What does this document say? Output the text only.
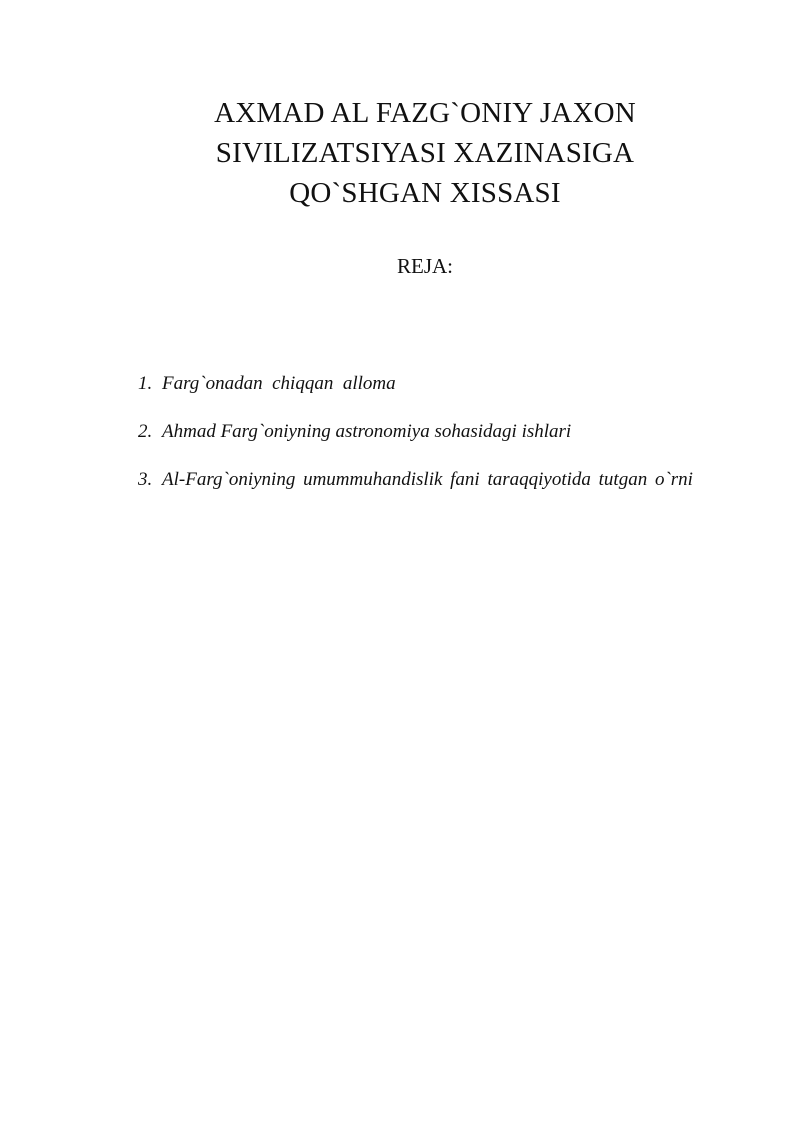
AXMAD AL FAZG`ONIY JAXON
SIVILIZATSIYASI XAZINASIGA
QO`SHGAN XISSASI
REJA:
1. Farg`onadan  chiqqan  alloma
2. Ahmad Farg`oniyning astronomiya sohasidagi ishlari
3. Al-Farg`oniyning umummuhandislik fani taraqqiyotida tutgan o`rni
